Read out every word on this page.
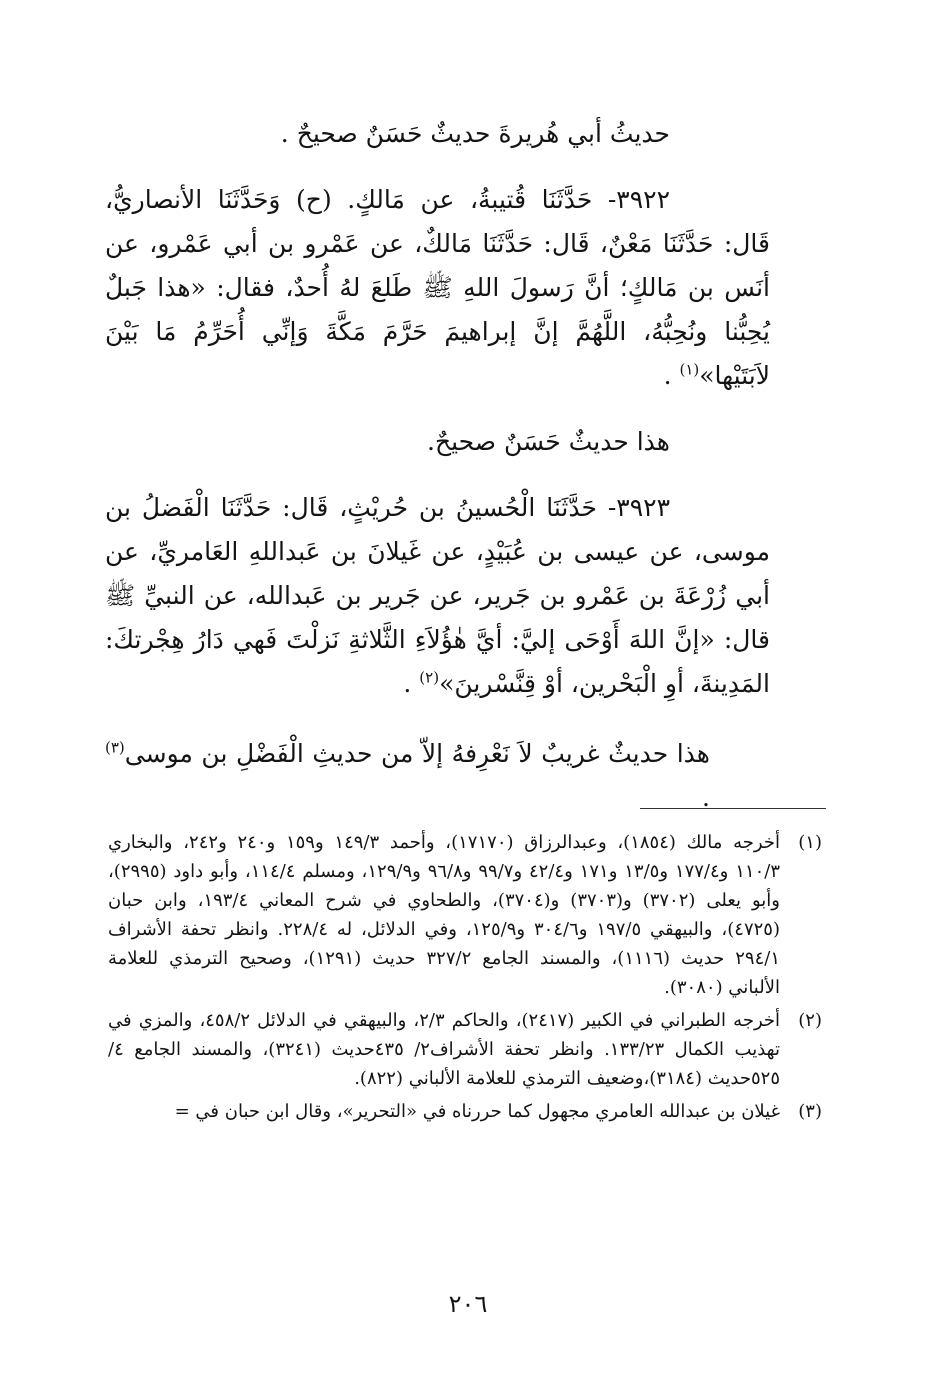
حديثُ أبي هُريرةَ حديثٌ حَسَنٌ صحيحٌ .

٣٩٢٢- حَدَّثَنَا قُتيبةُ، عن مَالكٍ. (ح) وَحَدَّثَنَا الأنصاريُّ، قَال: حَدَّثَنَا مَعْنٌ، قَال: حَدَّثَنَا مَالكٌ، عن عَمْرو بن أبي عَمْرو، عن أنَس بن مَالكٍ؛ أنَّ رَسولَ اللهِ ﷺ طَلعَ لهُ أُحدٌ، فقال: «هذا جَبلٌ يُحِبُّنا ونُحِبُّهُ، اللَّهُمَّ إنَّ إبراهيمَ حَرَّمَ مَكَّةَ وَإنِّي أُحَرِّمُ مَا بَيْنَ لاَبَتَيْها»$^{(١)}$ .

هذا حديثٌ حَسَنٌ صحيحٌ.

٣٩٢٣- حَدَّثَنَا الْحُسينُ بن حُريْثٍ، قَال: حَدَّثَنَا الْفَضلُ بن موسى، عن عيسى بن عُبَيْدٍ، عن غَيلانَ بن عَبداللهِ العَامريِّ، عن أبي زُرْعَةَ بن عَمْرو بن جَرير، عن جَرير بن عَبدالله، عن النبيِّ ﷺ قال: «إنَّ اللهَ أَوْحَى إليَّ: أيَّ هٰؤُلاَءِ الثَّلاثةِ نَزلْتَ فَهي دَارُ هِجْرتكَ: المَدِينةَ، أوِ الْبَحْرين، أوْ قِنَّسْرينَ»$^{(٢)}$ .

هذا حديثٌ غريبٌ لاَ نَعْرِفهُ إلاّ من حديثِ الْفَضْلِ بن موسى$^{(٣)}$ .

(١)
أخرجه مالك (١٨٥٤)، وعبدالرزاق (١٧١٧٠)، وأحمد ١٤٩/٣ و١٥٩ و٢٤٠ و٢٤٢، والبخاري ١١٠/٣ و١٧٧/٤ و١٣/٥ و١٧١ و٤٢/٤ و٩٩/٧ و٩٦/٨ و١٢٩/٩، ومسلم ١١٤/٤، وأبو داود (٢٩٩٥)، وأبو يعلى (٣٧٠٢) و(٣٧٠٣) و(٣٧٠٤)، والطحاوي في شرح المعاني ١٩٣/٤، وابن حبان (٤٧٢٥)، والبيهقي ١٩٧/٥ و٣٠٤/٦ و١٢٥/٩، وفي الدلائل، له ٢٢٨/٤. وانظر تحفة الأشراف ٢٩٤/١ حديث (١١١٦)، والمسند الجامع ٣٢٧/٢ حديث (١٢٩١)، وصحيح الترمذي للعلامة الألباني (٣٠٨٠).
(٢)
أخرجه الطبراني في الكبير (٢٤١٧)، والحاكم ٢/٣، والبيهقي في الدلائل ٤٥٨/٢، والمزي في تهذيب الكمال ١٣٣/٢٣. وانظر تحفة الأشراف٢/ ٤٣٥حديث (٣٢٤١)، والمسند الجامع ٤/ ٥٢٥حديث (٣١٨٤)،وضعيف الترمذي للعلامة الألباني (٨٢٢).
(٣)
غيلان بن عبدالله العامري مجهول كما حررناه في «التحرير»، وقال ابن حبان في =
٢٠٦
